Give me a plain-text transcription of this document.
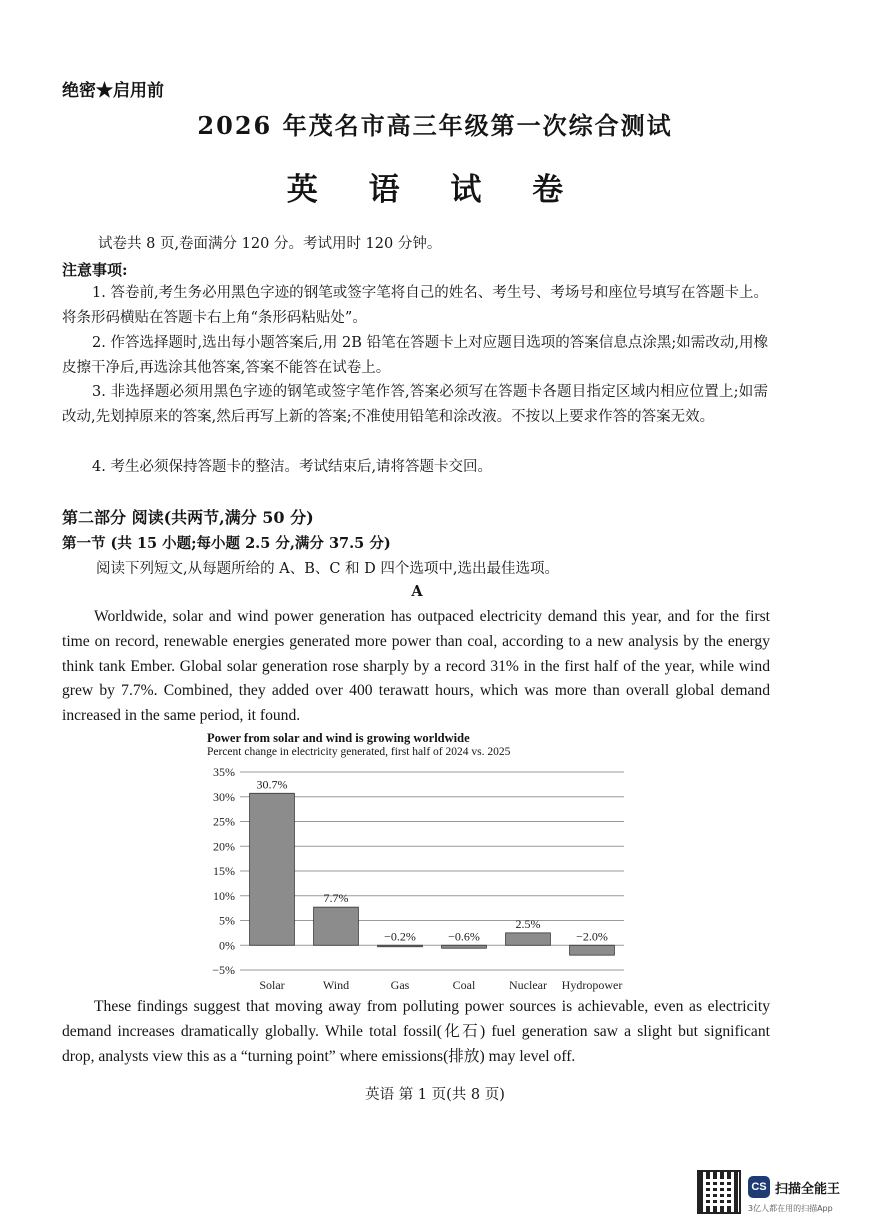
绝密★启用前
2026 年茂名市高三年级第一次综合测试
英 语 试 卷
试卷共 8 页,卷面满分 120 分。考试用时 120 分钟。
注意事项:
1. 答卷前,考生务必用黑色字迹的钢笔或签字笔将自己的姓名、考生号、考场号和座位号填写在答题卡上。将条形码横贴在答题卡右上角“条形码粘贴处”。
2. 作答选择题时,选出每小题答案后,用 2B 铅笔在答题卡上对应题目选项的答案信息点涂黑;如需改动,用橡皮擦干净后,再选涂其他答案,答案不能答在试卷上。
3. 非选择题必须用黑色字迹的钢笔或签字笔作答,答案必须写在答题卡各题目指定区域内相应位置上;如需改动,先划掉原来的答案,然后再写上新的答案;不准使用铅笔和涂改液。不按以上要求作答的答案无效。
4. 考生必须保持答题卡的整洁。考试结束后,请将答题卡交回。
第二部分 阅读(共两节,满分 50 分)
第一节 (共 15 小题;每小题 2.5 分,满分 37.5 分)
阅读下列短文,从每题所给的 A、B、C 和 D 四个选项中,选出最佳选项。
A
Worldwide, solar and wind power generation has outpaced electricity demand this year, and for the first time on record, renewable energies generated more power than coal, according to a new analysis by the energy think tank Ember. Global solar generation rose sharply by a record 31% in the first half of the year, while wind grew by 7.7%. Combined, they added over 400 terawatt hours, which was more than overall global demand increased in the same period, it found.
Power from solar and wind is growing worldwide
Percent change in electricity generated, first half of 2024 vs. 2025
−5%
0%
5%
10%
15%
20%
25%
30%
35%
30.7%
7.7%
−0.2%	−0.6%
2.5%
−2.0%
Solar	Wind	Gas	Coal	Nuclear Hydropower
These findings suggest that moving away from polluting power sources is achievable, even as electricity demand increases dramatically globally. While total fossil(化石) fuel generation saw a slight but significant drop, analysts view this as a “turning point” where emissions(排放) may level off.
英语 第 1 页(共 8 页)
CS 扫描全能王
3亿人都在用的扫描App
